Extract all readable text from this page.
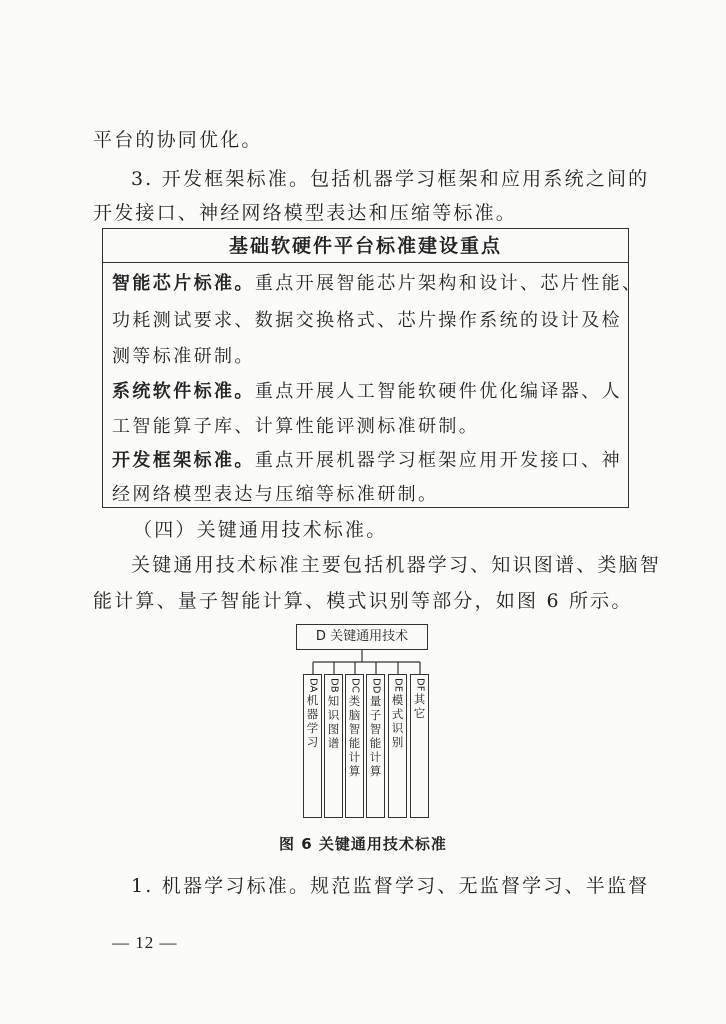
平台的协同优化。
3. 开发框架标准。包括机器学习框架和应用系统之间的
开发接口、神经网络模型表达和压缩等标准。
基础软硬件平台标准建设重点
智能芯片标准。重点开展智能芯片架构和设计、芯片性能、
功耗测试要求、数据交换格式、芯片操作系统的设计及检
测等标准研制。
系统软件标准。重点开展人工智能软硬件优化编译器、人
工智能算子库、计算性能评测标准研制。
开发框架标准。重点开展机器学习框架应用开发接口、神
经网络模型表达与压缩等标准研制。
（四）关键通用技术标准。
关键通用技术标准主要包括机器学习、知识图谱、类脑智
能计算、量子智能计算、模式识别等部分，如图 6 所示。
D 关键通用技术
DA
机器学习
DB
知识图谱
DC
类脑智能计算
DD
量子智能计算
DE
模式识别
DF
其它
图 6 关键通用技术标准
1. 机器学习标准。规范监督学习、无监督学习、半监督
— 12 —
